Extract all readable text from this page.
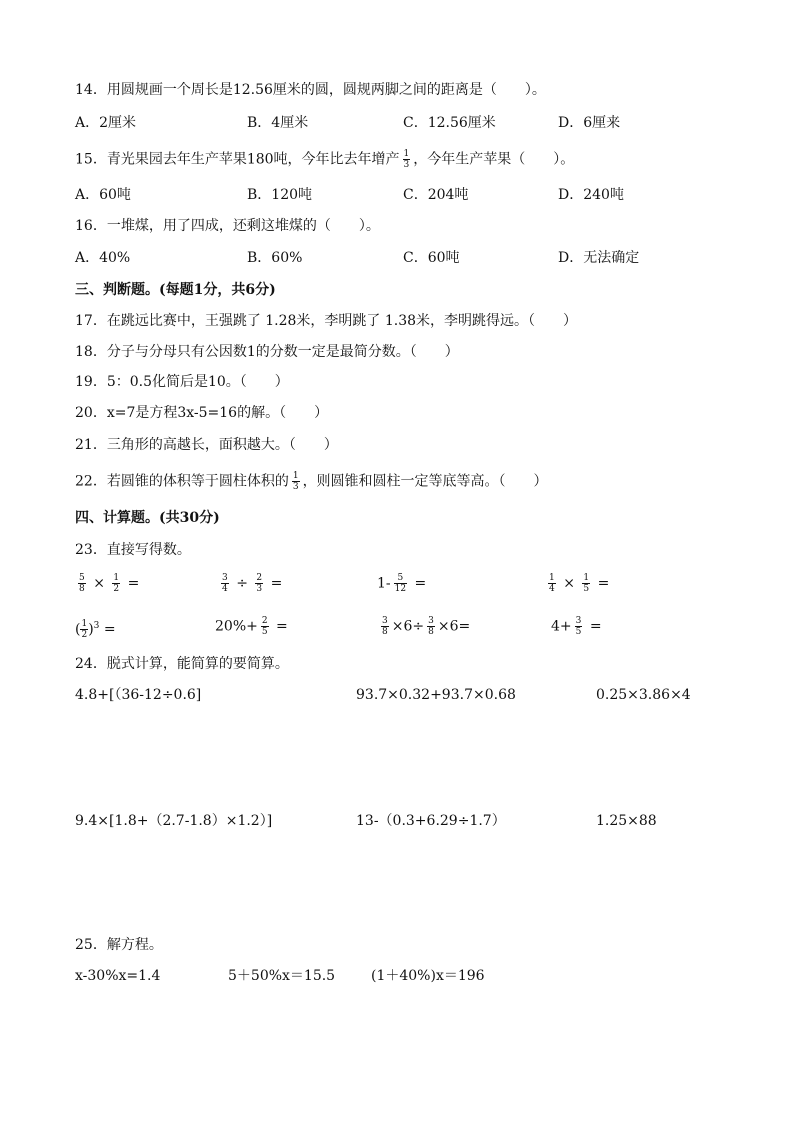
14．用圆规画一个周长是12.56厘米的圆，圆规两脚之间的距离是（　　）。
A．2厘米	B．4厘米	C．12.56厘米	D．6厘来
15．青光果园去年生产苹果180吨，今年比去年增产 $\frac{1}{3}$ ，今年生产苹果（　　）。
A．60吨	B．120吨	C．204吨	D．240吨
16．一堆煤，用了四成，还剩这堆煤的（　　）。
A．40%	B．60%	C．60吨	D．无法确定
三、判断题。(每题1分，共6分)
17．在跳远比赛中，王强跳了 1.28米，李明跳了 1.38米，李明跳得远。（　　）
18．分子与分母只有公因数1的分数一定是最简分数。（　　）
19．5：0.5化简后是10。（　　）
20．x=7是方程3x-5=16的解。（　　）
21．三角形的高越长，面积越大。（　　）
22．若圆锥的体积等于圆柱体积的 $\frac{1}{3}$ ，则圆锥和圆柱一定等底等高。（　　）
四、计算题。(共30分)
23．直接写得数。
$\frac{5}{8} \times \frac{1}{2}$ =	$\frac{3}{4} \div \frac{2}{3}$ =	$1- \frac{5}{12}$ =	$\frac{1}{4} \times \frac{1}{5}$ =
( $\frac{1}{2} )^3$ =	$20\%+ \frac{2}{5}$ =	$\frac{3}{8} \times 6\div \frac{3}{8} \times 6=$	$4+ \frac{3}{5}$ =
24．脱式计算，能简算的要简算。
4.8+[（36-12÷0.6]	93.7×0.32+93.7×0.68	0.25×3.86×4
9.4×[1.8+（2.7-1.8）×1.2）]	13-（0.3+6.29÷1.7）	1.25×88
25．解方程。
x-30%x=1.4	5＋50%x＝15.5	(1＋40%)x＝196
